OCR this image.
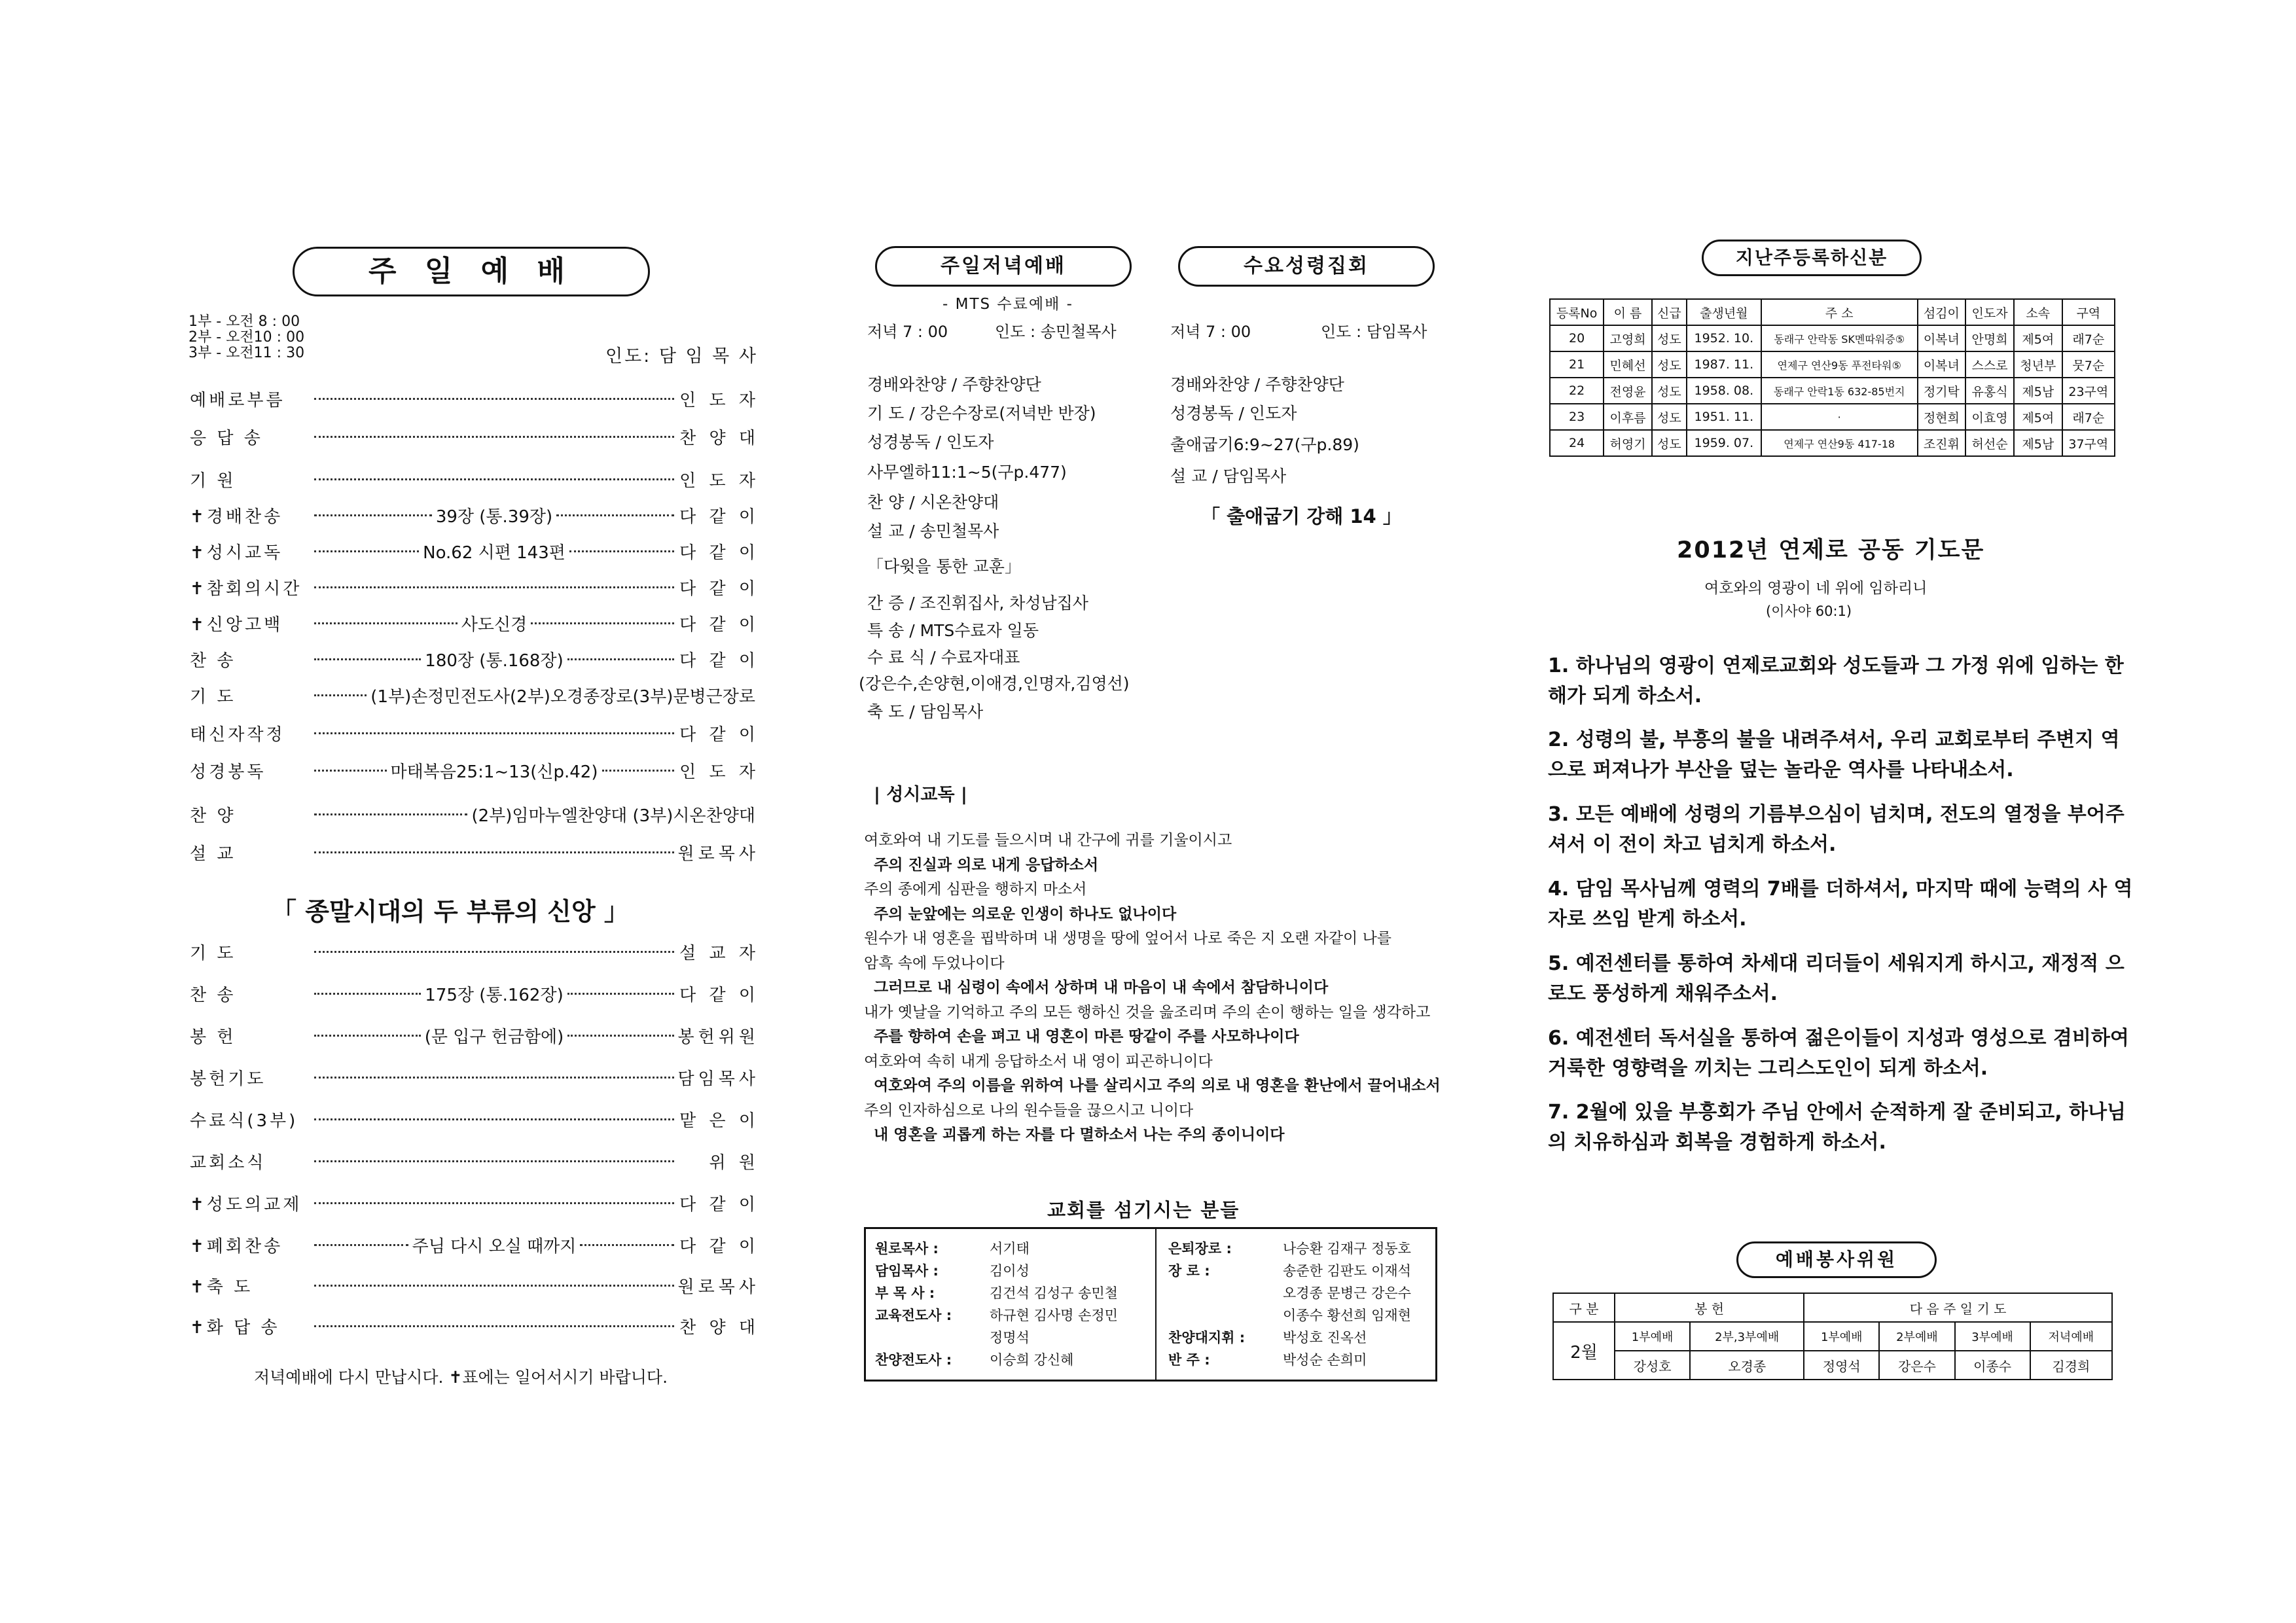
주 일 예 배
1부 - 오전 8 : 00
2부 - 오전10 : 00
3부 - 오전11 : 30	인도: 담 임 목 사
예배로부름	인 도 자
응 답 송	찬 양 대
기 원	인 도 자
✝경배찬송	39장 (통.39장)	다 같 이
✝성시교독	No.62 시편 143편	다 같 이
✝참회의시간	다 같 이
✝신앙고백	사도신경	다 같 이
찬 송	180장 (통.168장)	다 같 이
기 도	(1부)손정민전도사(2부)오경종장로(3부)문병근장로
태신자작정	다 같 이
성경봉독	마태복음25:1~13(신p.42)	인 도 자
찬 양	(2부)임마누엘찬양대 (3부)시온찬양대
설 교	원로목사
「 종말시대의 두 부류의 신앙 」
기 도	설 교 자
찬 송	175장 (통.162장)	다 같 이
봉 헌	(문 입구 헌금함에)	봉헌위원
봉헌기도	담임목사
수료식(3부)	맡 은 이
교회소식	위 원
✝성도의교제	다 같 이
✝폐회찬송	주님 다시 오실 때까지	다 같 이
✝축 도	원로목사
✝화 답 송	찬 양 대
저녁예배에 다시 만납시다. ✝표에는 일어서시기 바랍니다.
주일저녁예배	수요성령집회
- MTS 수료예배 -
저녁 7 : 00	인도 : 송민철목사	저녁 7 : 00	인도 : 담임목사
경배와찬양 / 주향찬양단
기 도 / 강은수장로(저녁반 반장)
성경봉독 / 인도자
사무엘하11:1~5(구p.477)
찬 양 / 시온찬양대
설 교 / 송민철목사
「다윗을 통한 교훈」
간 증 / 조진휘집사, 차성남집사
특 송 / MTS수료자 일동
수 료 식 / 수료자대표
(강은수,손양현,이애경,인명자,김영선)
축 도 / 담임목사
경배와찬양 / 주향찬양단
성경봉독 / 인도자
출애굽기6:9~27(구p.89)
설 교 / 담임목사
「 출애굽기 강해 14 」
| 성시교독 |
여호와여 내 기도를 들으시며 내 간구에 귀를 기울이시고
주의 진실과 의로 내게 응답하소서
주의 종에게 심판을 행하지 마소서
주의 눈앞에는 의로운 인생이 하나도 없나이다
원수가 내 영혼을 핍박하며 내 생명을 땅에 엎어서 나로 죽은 지 오랜 자같이 나를
암흑 속에 두었나이다
그러므로 내 심령이 속에서 상하며 내 마음이 내 속에서 참담하니이다
내가 옛날을 기억하고 주의 모든 행하신 것을 읊조리며 주의 손이 행하는 일을 생각하고
주를 향하여 손을 펴고 내 영혼이 마른 땅같이 주를 사모하나이다
여호와여 속히 내게 응답하소서 내 영이 피곤하니이다
여호와여 주의 이름을 위하여 나를 살리시고 주의 의로 내 영혼을 환난에서 끌어내소서
주의 인자하심으로 나의 원수들을 끊으시고 니이다
내 영혼을 괴롭게 하는 자를 다 멸하소서 나는 주의 종이니이다
교회를 섬기시는 분들
원로목사 :	서기태
담임목사 :	김이성
부 목 사 :	김건석 김성구 송민철
교육전도사 :	하규현 김사명 손정민
정명석
찬양전도사 :	이승희 강신혜
은퇴장로 :	나승환 김재구 정동호
장 로 :	송준한 김판도 이재석
오경종 문병근 강은수
이종수 황선희 임재현
찬양대지휘 :	박성호 진옥선
반 주 :	박성순 손희미
지난주등록하신분
등록No	이 름	신급	출생년월	주 소	섬김이	인도자	소속	구역
20	고영희	성도	1952. 10.	동래구 안락동 SK멘따워증⑤	이복녀	안명희	제5여	래7순
21	민혜선	성도	1987. 11.	연제구 연산9동 푸전타워⑤	이복녀	스스로	청년부	뭇7순
22	전영윤	성도	1958. 08.	동래구 안락1동 632-85번지	정기탁	유홍식	제5남	23구역
23	이후름	성도	1951. 11.	·	정현희	이효영	제5여	래7순
24	허영기	성도	1959. 07.	연제구 연산9동 417-18	조진휘	허선순	제5남	37구역
2012년 연제로 공동 기도문
여호와의 영광이 네 위에 임하리니
(이사야 60:1)
1. 하나님의 영광이 연제로교회와 성도들과 그 가정 위에 임하는 한 해가 되게 하소서.
2. 성령의 불, 부흥의 불을 내려주셔서, 우리 교회로부터 주변지 역으로 퍼져나가 부산을 덮는 놀라운 역사를 나타내소서.
3. 모든 예배에 성령의 기름부으심이 넘치며, 전도의 열정을 부어주셔서 이 전이 차고 넘치게 하소서.
4. 담임 목사님께 영력의 7배를 더하셔서, 마지막 때에 능력의 사 역자로 쓰임 받게 하소서.
5. 예전센터를 통하여 차세대 리더들이 세워지게 하시고, 재정적 으로도 풍성하게 채워주소서.
6. 예전센터 독서실을 통하여 젊은이들이 지성과 영성으로 겸비하여 거룩한 영향력을 끼치는 그리스도인이 되게 하소서.
7. 2월에 있을 부흥회가 주님 안에서 순적하게 잘 준비되고, 하나님 의 치유하심과 회복을 경험하게 하소서.
예배봉사위원
구 분	봉 헌		다 음 주 일 기 도			
2월	1부예배	2부,3부예배	1부예배	2부예배	3부예배	저녁예배
	강성호	오경종	정영석	강은수	이종수	김경희
